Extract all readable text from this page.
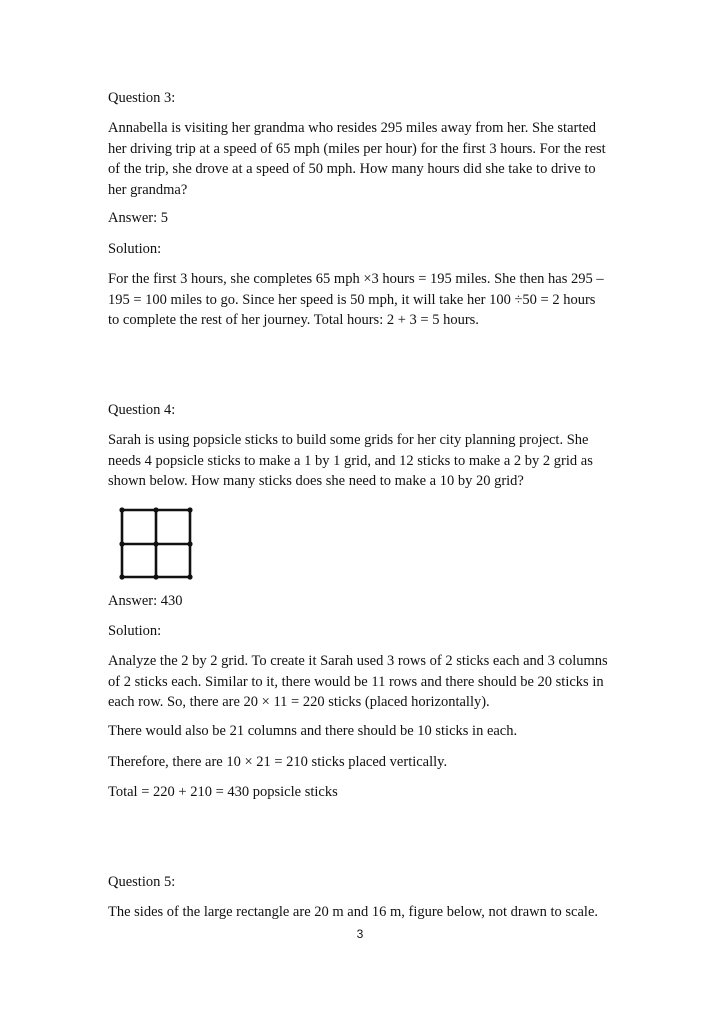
Question 3:
Annabella is visiting her grandma who resides 295 miles away from her. She started
her driving trip at a speed of 65 mph (miles per hour) for the first 3 hours. For the rest
of the trip, she drove at a speed of 50 mph. How many hours did she take to drive to
her grandma?
Answer: 5
Solution:
For the first 3 hours, she completes 65 mph ×3 hours = 195 miles. She then has 295 –
195 = 100 miles to go. Since her speed is 50 mph, it will take her 100 ÷50 = 2 hours
to complete the rest of her journey. Total hours: 2 + 3 = 5 hours.
Question 4:
Sarah is using popsicle sticks to build some grids for her city planning project. She
needs 4 popsicle sticks to make a 1 by 1 grid, and 12 sticks to make a 2 by 2 grid as
shown below. How many sticks does she need to make a 10 by 20 grid?
Answer: 430
Solution:
Analyze the 2 by 2 grid. To create it Sarah used 3 rows of 2 sticks each and 3 columns
of 2 sticks each. Similar to it, there would be 11 rows and there should be 20 sticks in
each row. So, there are 20 × 11 = 220 sticks (placed horizontally).
There would also be 21 columns and there should be 10 sticks in each.
Therefore, there are 10 × 21 = 210 sticks placed vertically.
Total = 220 + 210 = 430 popsicle sticks
Question 5:
The sides of the large rectangle are 20 m and 16 m, figure below, not drawn to scale.
3
